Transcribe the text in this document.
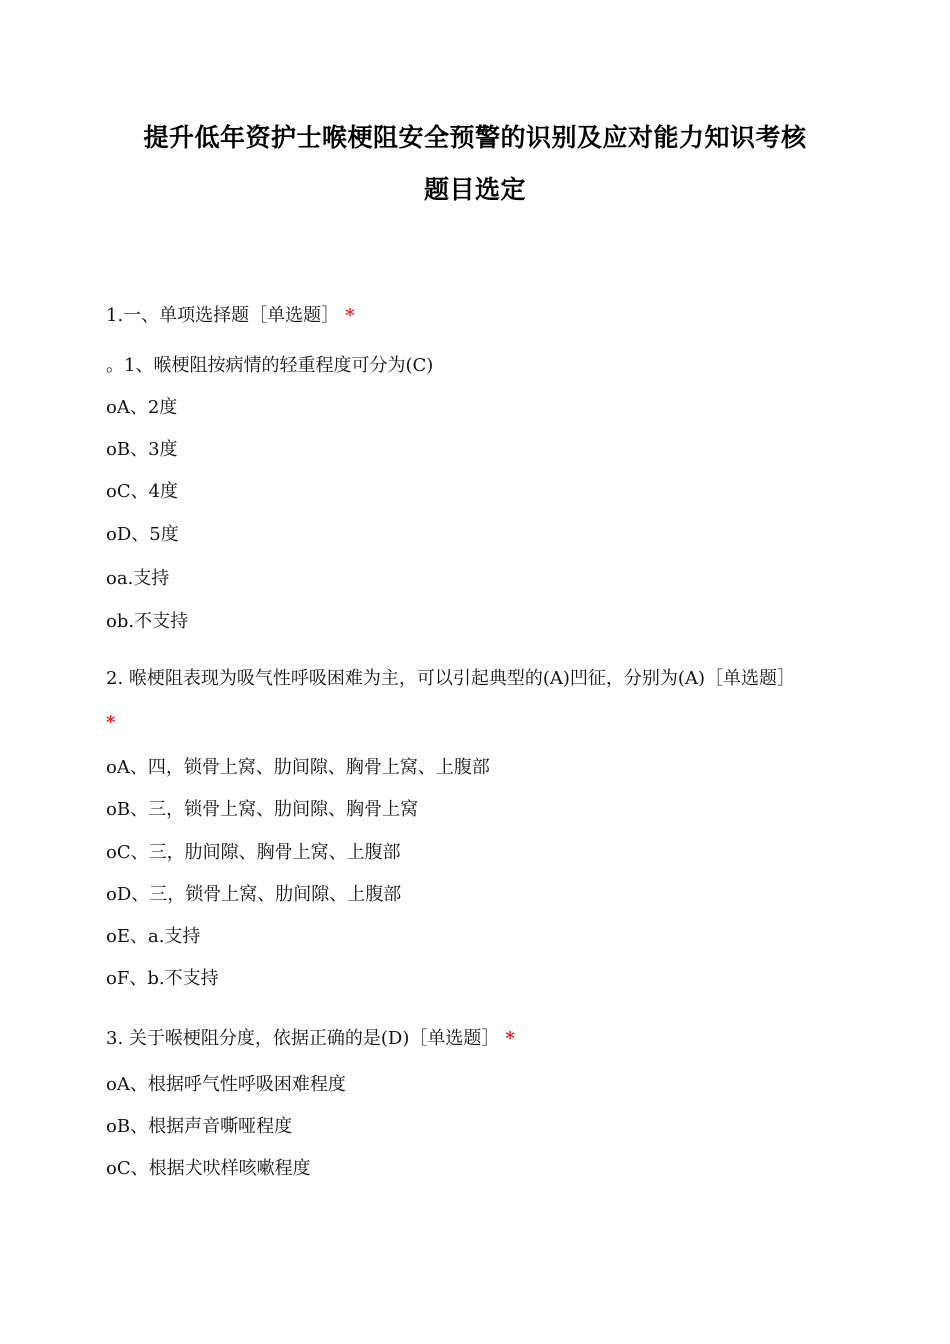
提升低年资护士喉梗阻安全预警的识别及应对能力知识考核
题目选定
1.一、单项选择题［单选题］ *
。1、喉梗阻按病情的轻重程度可分为(C)
oA、2度
oB、3度
oC、4度
oD、5度
oa.支持
ob.不支持
2. 喉梗阻表现为吸气性呼吸困难为主，可以引起典型的(A)凹征，分别为(A)［单选题］
*
oA、四，锁骨上窝、肋间隙、胸骨上窝、上腹部
oB、三，锁骨上窝、肋间隙、胸骨上窝
oC、三，肋间隙、胸骨上窝、上腹部
oD、三，锁骨上窝、肋间隙、上腹部
oE、a.支持
oF、b.不支持
3. 关于喉梗阻分度，依据正确的是(D)［单选题］ *
oA、根据呼气性呼吸困难程度
oB、根据声音嘶哑程度
oC、根据犬吠样咳嗽程度
